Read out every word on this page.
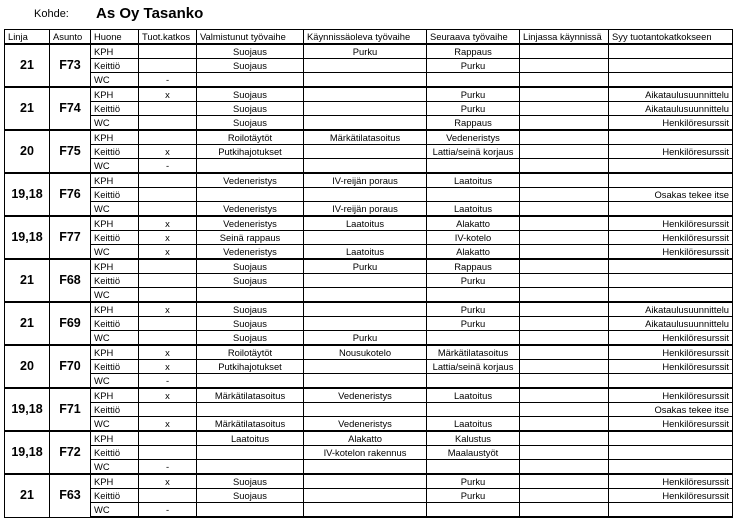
Kohde: As Oy Tasanko
Linja	Asunto	Huone	Tuot.katkos	Valmistunut työvaihe	Käynnissäoleva työvaihe	Seuraava työvaihe	Linjassa käynnissä	Syy tuotantokatkokseen
21	F73	KPH		Suojaus	Purku	Rappaus		
		Keittiö		Suojaus		Purku		
		WC	-					
21	F74	KPH	x	Suojaus		Purku		Aikataulusuunnittelu
		Keittiö		Suojaus		Purku		Aikataulusuunnittelu
		WC		Suojaus		Rappaus		Henkilöresurssit
20	F75	KPH		Roilotäytöt	Märkätilatasoitus	Vedeneristys		
		Keittiö	x	Putkihajotukset		Lattia/seinä korjaus		Henkilöresurssit
		WC	-					
19,18	F76	KPH		Vedeneristys	IV-reijän poraus	Laatoitus		
		Keittiö						Osakas tekee itse
		WC		Vedeneristys	IV-reijän poraus	Laatoitus		
19,18	F77	KPH	x	Vedeneristys	Laatoitus	Alakatto		Henkilöresurssit
		Keittiö	x	Seinä rappaus		IV-kotelo		Henkilöresurssit
		WC	x	Vedeneristys	Laatoitus	Alakatto		Henkilöresurssit
21	F68	KPH		Suojaus	Purku	Rappaus		
		Keittiö		Suojaus		Purku		
		WC						
21	F69	KPH	x	Suojaus		Purku		Aikataulusuunnittelu
		Keittiö		Suojaus		Purku		Aikataulusuunnittelu
		WC		Suojaus	Purku			Henkilöresurssit
20	F70	KPH	x	Roilotäytöt	Nousukotelo	Märkätilatasoitus		Henkilöresurssit
		Keittiö	x	Putkihajotukset		Lattia/seinä korjaus		Henkilöresurssit
		WC	-					
19,18	F71	KPH	x	Märkätilatasoitus	Vedeneristys	Laatoitus		Henkilöresurssit
		Keittiö						Osakas tekee itse
		WC	x	Märkätilatasoitus	Vedeneristys	Laatoitus		Henkilöresurssit
19,18	F72	KPH		Laatoitus	Alakatto	Kalustus		
		Keittiö			IV-kotelon rakennus	Maalaustyöt		
		WC	-					
21	F63	KPH	x	Suojaus		Purku		Henkilöresurssit
		Keittiö		Suojaus		Purku		Henkilöresurssit
		WC	-					
